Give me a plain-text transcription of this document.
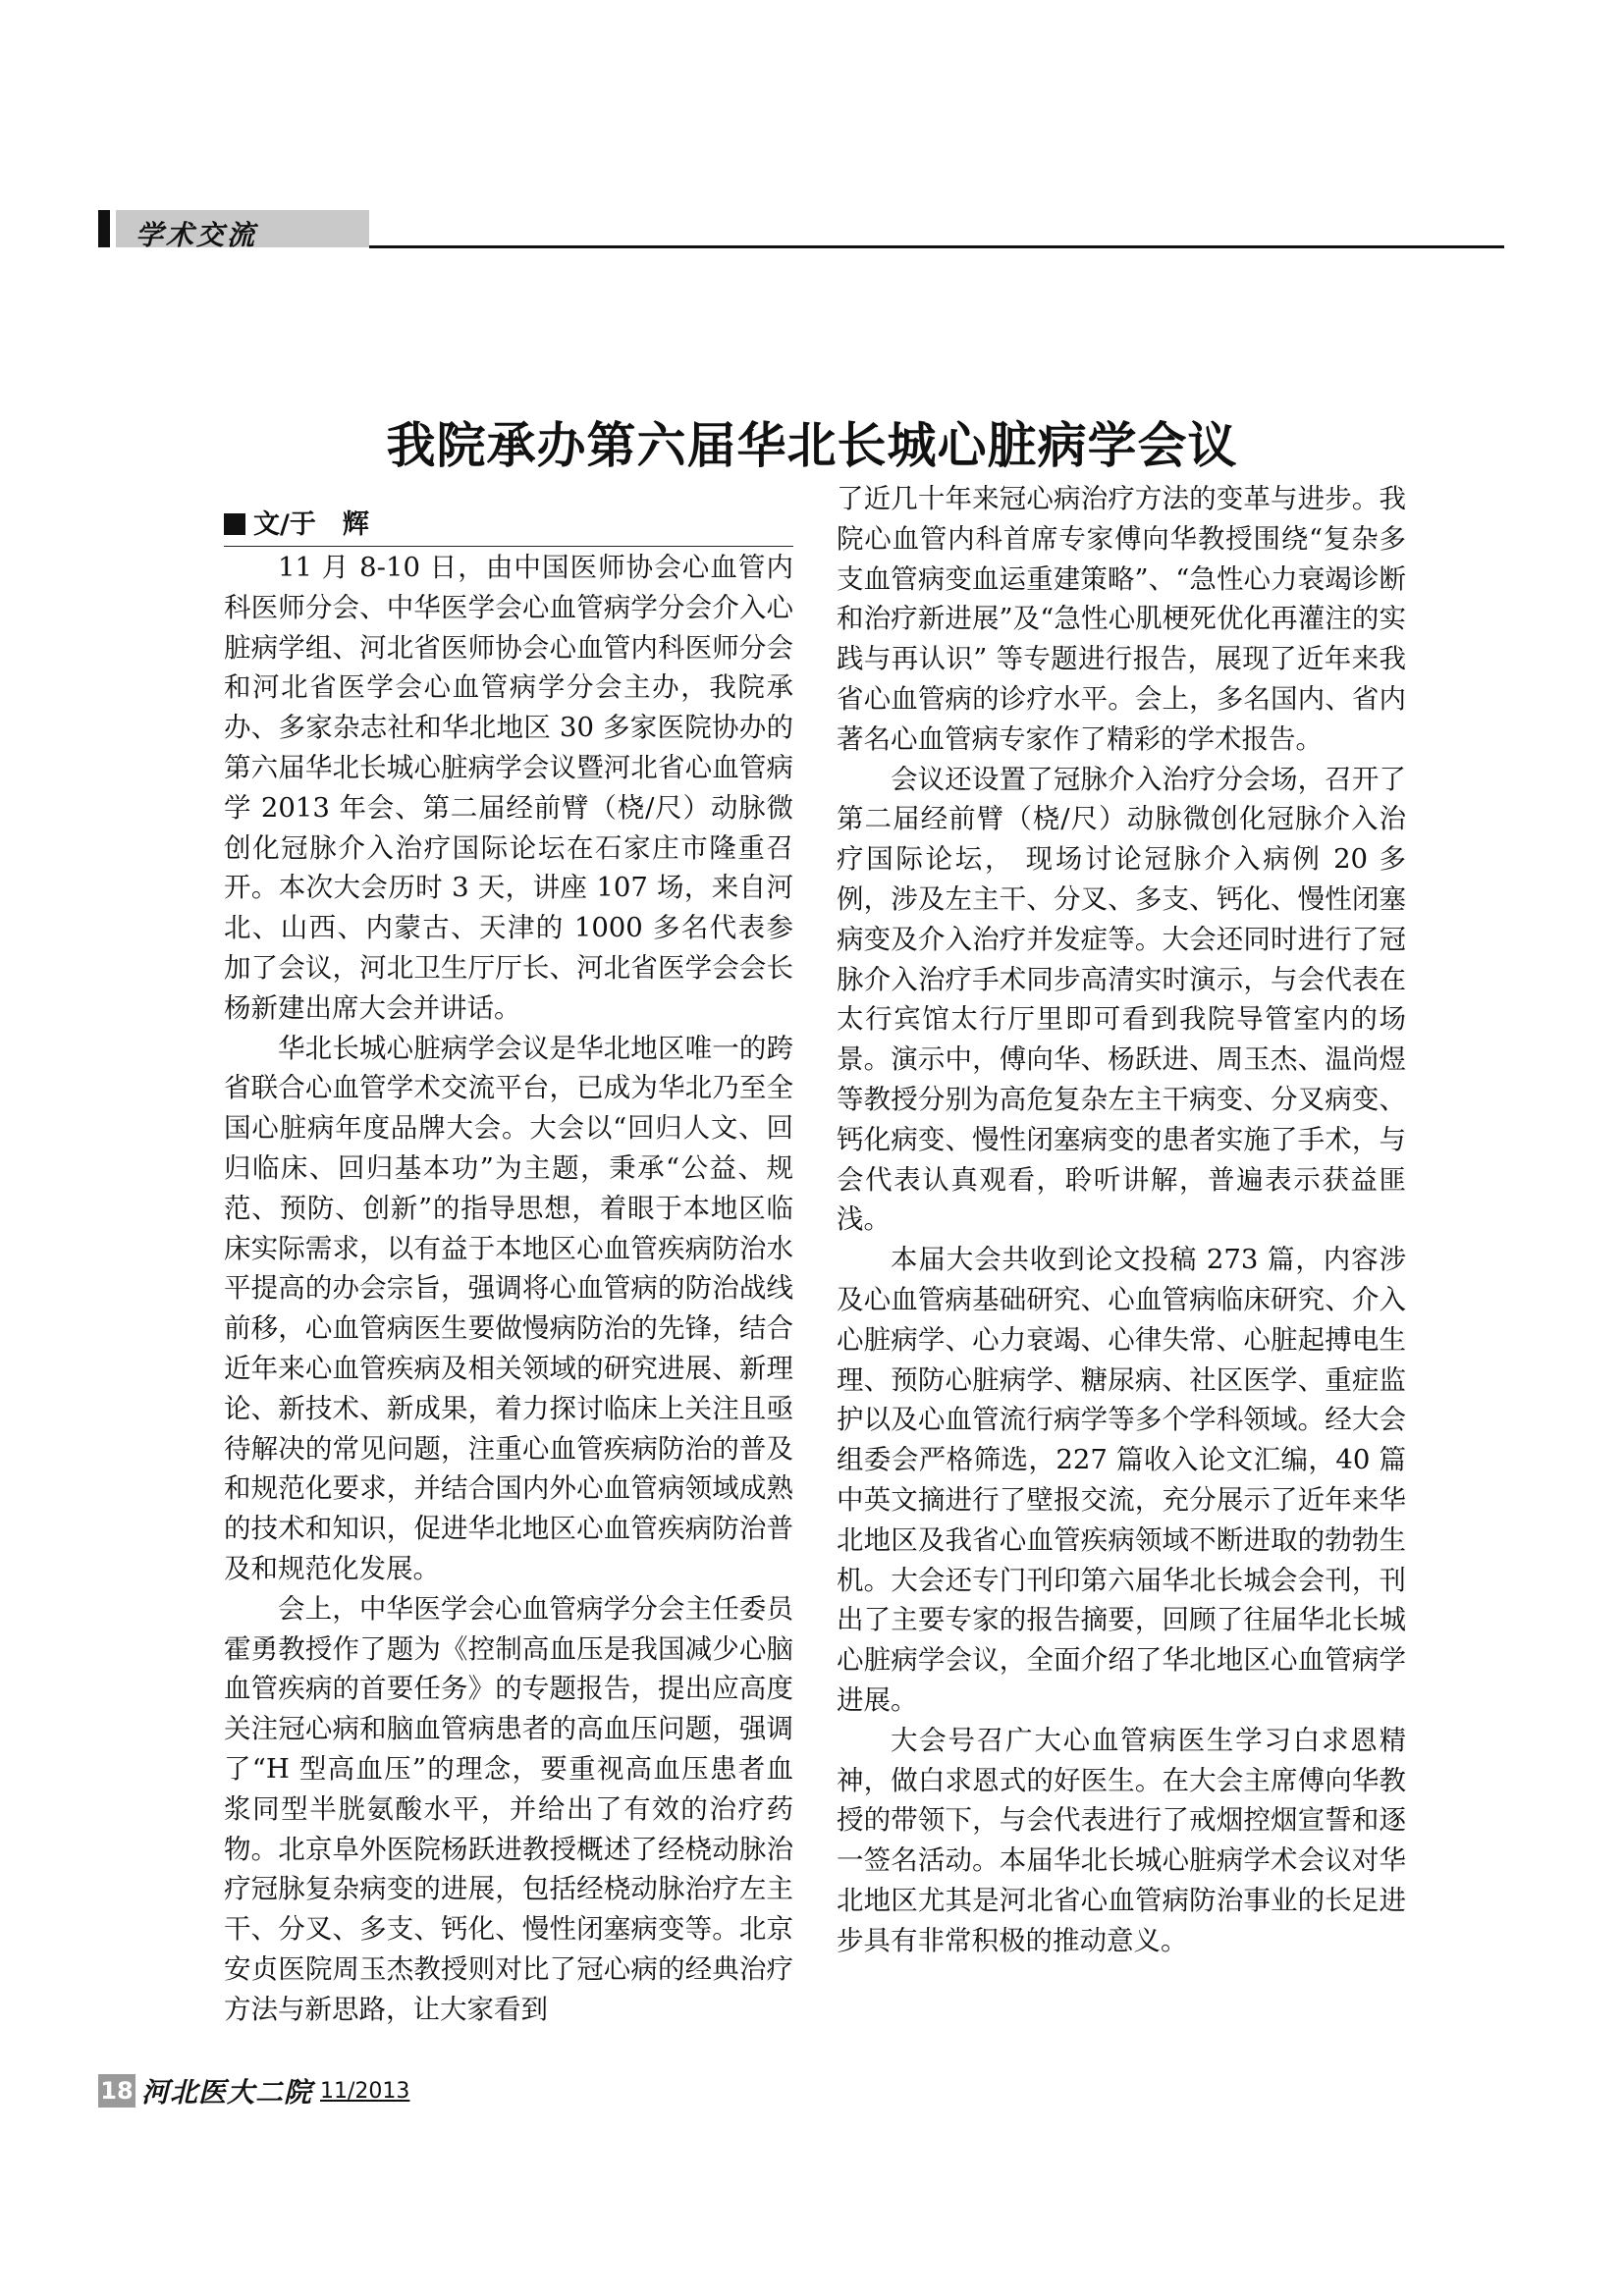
学术交流
我院承办第六届华北长城心脏病学会议
文/于　辉

11 月 8-10 日，由中国医师协会心血管内科医师分会、中华医学会心血管病学分会介入心脏病学组、河北省医师协会心血管内科医师分会和河北省医学会心血管病学分会主办，我院承办、多家杂志社和华北地区 30 多家医院协办的第六届华北长城心脏病学会议暨河北省心血管病学 2013 年会、第二届经前臂（桡/尺）动脉微创化冠脉介入治疗国际论坛在石家庄市隆重召开。本次大会历时 3 天，讲座 107 场，来自河北、山西、内蒙古、天津的 1000 多名代表参加了会议，河北卫生厅厅长、河北省医学会会长杨新建出席大会并讲话。

华北长城心脏病学会议是华北地区唯一的跨省联合心血管学术交流平台，已成为华北乃至全国心脏病年度品牌大会。大会以“回归人文、回归临床、回归基本功”为主题，秉承“公益、规范、预防、创新”的指导思想，着眼于本地区临床实际需求，以有益于本地区心血管疾病防治水平提高的办会宗旨，强调将心血管病的防治战线前移，心血管病医生要做慢病防治的先锋，结合近年来心血管疾病及相关领域的研究进展、新理论、新技术、新成果，着力探讨临床上关注且亟待解决的常见问题，注重心血管疾病防治的普及和规范化要求，并结合国内外心血管病领域成熟的技术和知识，促进华北地区心血管疾病防治普及和规范化发展。

会上，中华医学会心血管病学分会主任委员霍勇教授作了题为《控制高血压是我国减少心脑血管疾病的首要任务》的专题报告，提出应高度关注冠心病和脑血管病患者的高血压问题，强调了“H 型高血压”的理念，要重视高血压患者血浆同型半胱氨酸水平，并给出了有效的治疗药物。北京阜外医院杨跃进教授概述了经桡动脉治疗冠脉复杂病变的进展，包括经桡动脉治疗左主干、分叉、多支、钙化、慢性闭塞病变等。北京安贞医院周玉杰教授则对比了冠心病的经典治疗方法与新思路，让大家看到

了近几十年来冠心病治疗方法的变革与进步。我院心血管内科首席专家傅向华教授围绕“复杂多支血管病变血运重建策略”、“急性心力衰竭诊断和治疗新进展”及“急性心肌梗死优化再灌注的实践与再认识” 等专题进行报告，展现了近年来我省心血管病的诊疗水平。会上，多名国内、省内著名心血管病专家作了精彩的学术报告。

会议还设置了冠脉介入治疗分会场，召开了第二届经前臂（桡/尺）动脉微创化冠脉介入治疗国际论坛， 现场讨论冠脉介入病例 20 多例，涉及左主干、分叉、多支、钙化、慢性闭塞病变及介入治疗并发症等。大会还同时进行了冠脉介入治疗手术同步高清实时演示，与会代表在太行宾馆太行厅里即可看到我院导管室内的场景。演示中，傅向华、杨跃进、周玉杰、温尚煜等教授分别为高危复杂左主干病变、分叉病变、钙化病变、慢性闭塞病变的患者实施了手术，与会代表认真观看，聆听讲解，普遍表示获益匪浅。

本届大会共收到论文投稿 273 篇，内容涉及心血管病基础研究、心血管病临床研究、介入心脏病学、心力衰竭、心律失常、心脏起搏电生理、预防心脏病学、糖尿病、社区医学、重症监护以及心血管流行病学等多个学科领域。经大会组委会严格筛选，227 篇收入论文汇编，40 篇中英文摘进行了壁报交流，充分展示了近年来华北地区及我省心血管疾病领域不断进取的勃勃生机。大会还专门刊印第六届华北长城会会刊，刊出了主要专家的报告摘要，回顾了往届华北长城心脏病学会议，全面介绍了华北地区心血管病学进展。

大会号召广大心血管病医生学习白求恩精神，做白求恩式的好医生。在大会主席傅向华教授的带领下，与会代表进行了戒烟控烟宣誓和逐一签名活动。本届华北长城心脏病学术会议对华北地区尤其是河北省心血管病防治事业的长足进步具有非常积极的推动意义。

18 河北医大二院 11/2013
